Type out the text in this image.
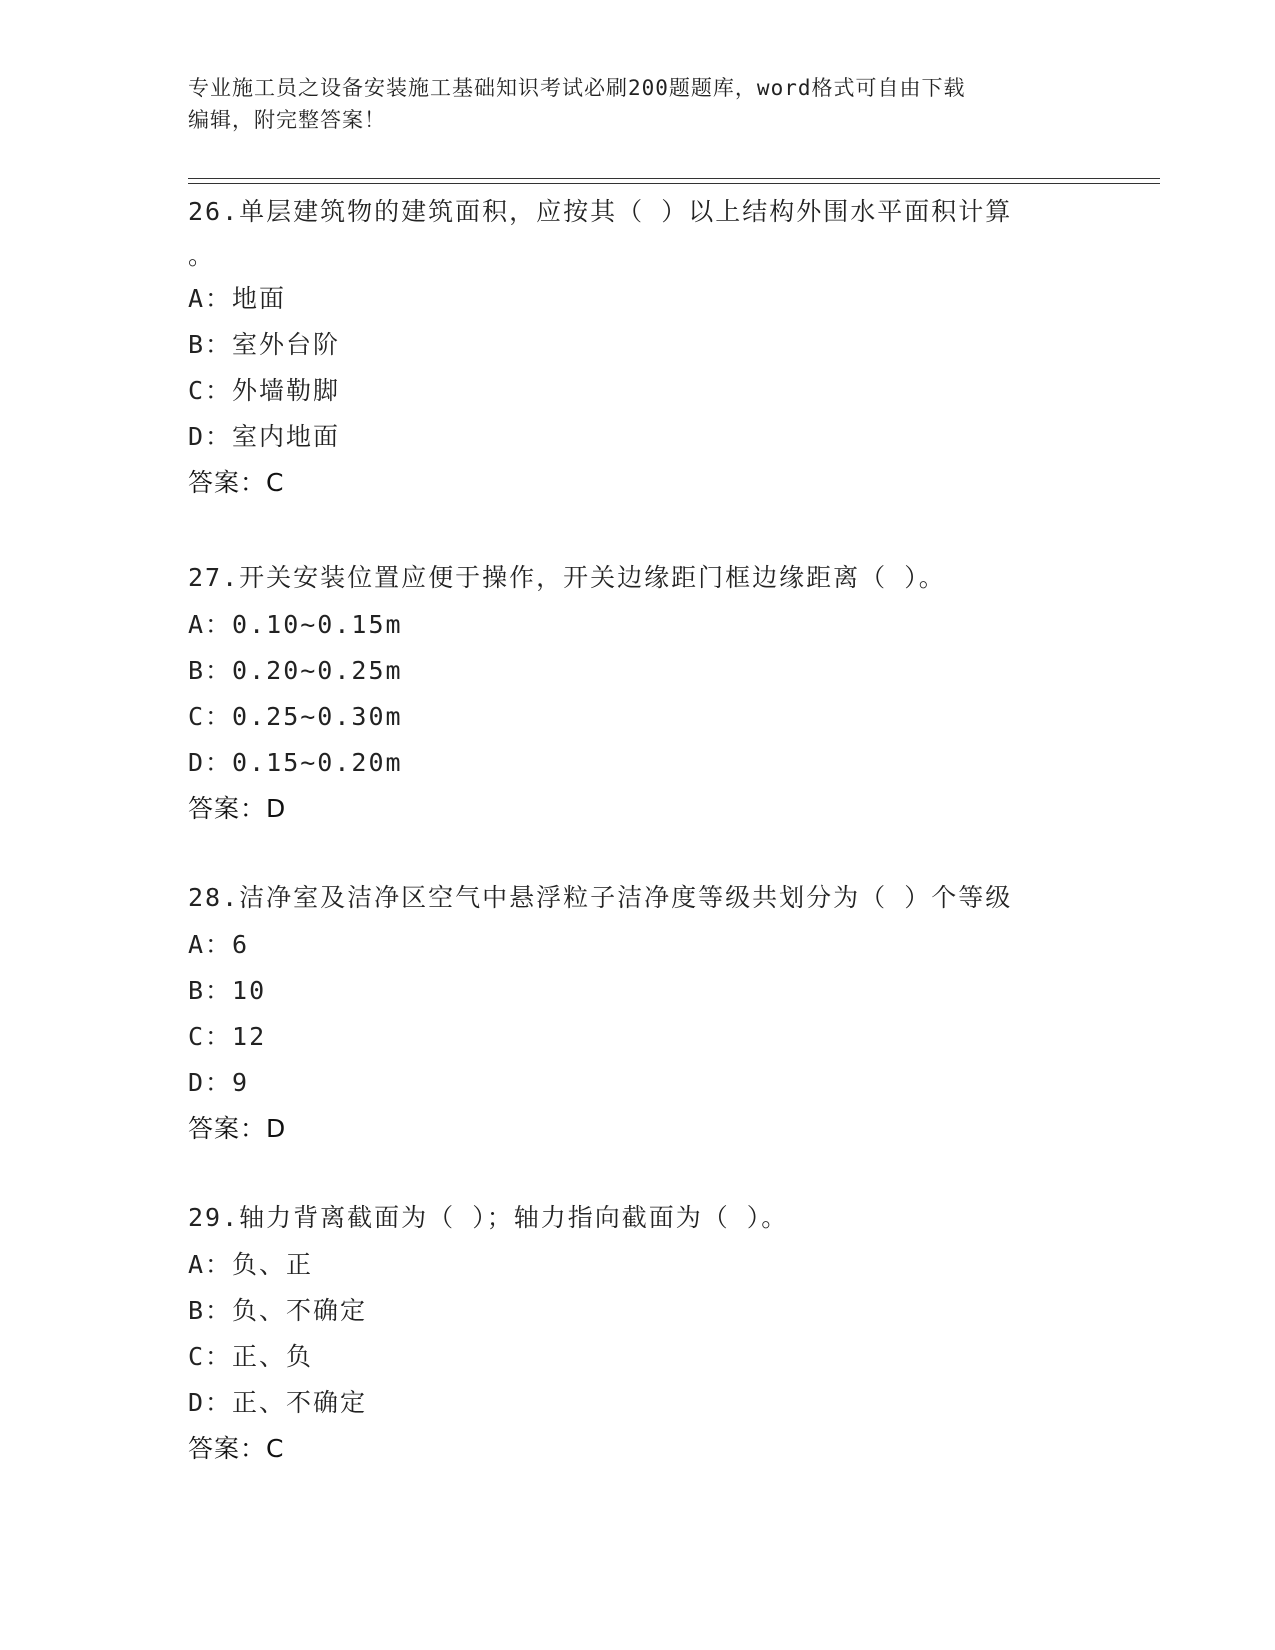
专业施工员之设备安装施工基础知识考试必刷200题题库，word格式可自由下载
编辑，附完整答案！

26.单层建筑物的建筑面积，应按其（ ）以上结构外围水平面积计算

。

A：地面

B：室外台阶

C：外墙勒脚

D：室内地面

答案：C

27.开关安装位置应便于操作，开关边缘距门框边缘距离（ ）。

A：0.10~0.15m

B：0.20~0.25m

C：0.25~0.30m

D：0.15~0.20m

答案：D

28.洁净室及洁净区空气中悬浮粒子洁净度等级共划分为（ ）个等级

A：6

B：10

C：12

D：9

答案：D

29.轴力背离截面为（ ）；轴力指向截面为（ ）。

A：负、正

B：负、不确定

C：正、负

D：正、不确定

答案：C
